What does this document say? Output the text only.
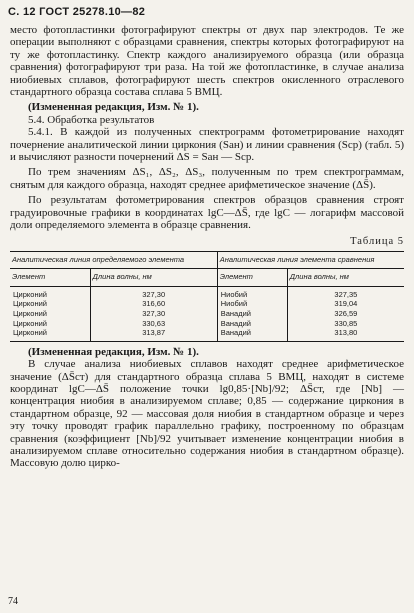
С. 12 ГОСТ 25278.10—82

место фотопластинки фотографируют спектры от двух пар электродов. Те же операции выполняют с образцами сравнения, спектры которых фотографируют на ту же фотопластинку. Спектр каждого анализируемого образца (или образца сравнения) фотографируют три раза. На той же фотопластинке, в случае анализа ниобиевых сплавов, фотографируют шесть спектров окисленного отраслевого стандартного образца состава сплава 5 ВМЦ.

(Измененная редакция, Изм. № 1).

5.4. Обработка результатов

5.4.1. В каждой из полученных спектрограмм фотометрирование находят почернение аналитической линии циркония (Sан) и линии сравнения (Sср) (табл. 5) и вычисляют разности почернений ΔS = Sан — Sср.

По трем значениям ΔS₁, ΔS₂, ΔS₃, полученным по трем спектрограммам, снятым для каждого образца, находят среднее арифметическое значение (ΔS̄).

По результатам фотометрирования спектров образцов сравнения строят градуировочные графики в координатах lgC—ΔS̄, где lgC — логарифм массовой доли определяемого элемента в образце сравнения.

Таблица 5
Аналитическая линия определяемого элемента		Аналитическая линия элемента сравнения	
Элемент	Длина волны, нм	Элемент	Длина волны, нм
Цирконий	327,30	Ниобий	327,35
Цирконий	316,60	Ниобий	319,04
Цирконий	327,30	Ванадий	326,59
Цирконий	330,63	Ванадий	330,85
Цирконий	313,87	Ванадий	313,80

(Измененная редакция, Изм. № 1).

В случае анализа ниобиевых сплавов находят среднее арифметическое значение (ΔS̄ст) для стандартного образца сплава 5 ВМЦ, находят в системе координат lgC—ΔS̄ положение точки lg0,85·[Nb]/92; ΔS̄ст, где [Nb] — концентрация ниобия в анализируемом сплаве; 0,85 — содержание циркония в стандартном образце, 92 — массовая доля ниобия в стандартном образце и через эту точку проводят график параллельно графику, построенному по образцам сравнения (коэффициент [Nb]/92 учитывает изменение концентрации ниобия в анализируемом сплаве относительно содержания ниобия в стандартном образце). Массовую долю цирко-

74
